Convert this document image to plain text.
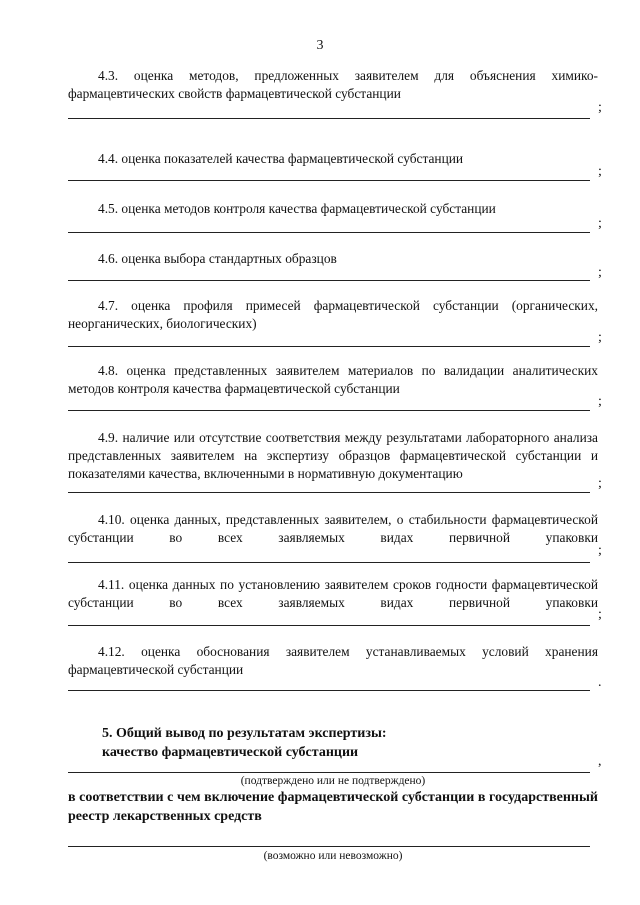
3
4.3. оценка методов, предложенных заявителем для объяснения химико-фармацевтических свойств фармацевтической субстанции
;
4.4. оценка показателей качества фармацевтической субстанции
;
4.5. оценка методов контроля качества фармацевтической субстанции
;
4.6. оценка выбора стандартных образцов
;
4.7. оценка профиля примесей фармацевтической субстанции (органических, неорганических, биологических)
;
4.8. оценка представленных заявителем материалов по валидации аналитических методов контроля качества фармацевтической субстанции
;
4.9. наличие или отсутствие соответствия между результатами лабораторного анализа представленных заявителем на экспертизу образцов фармацевтической субстанции и показателями качества, включенными в нормативную документацию
;
4.10. оценка данных, представленных заявителем, о стабильности фармацевтической субстанции во всех заявляемых видах первичной упаковки
;
4.11. оценка данных по установлению заявителем сроков годности фармацевтической субстанции во всех заявляемых видах первичной упаковки
;
4.12. оценка обоснования заявителем устанавливаемых условий хранения фармацевтической субстанции
.
5. Общий вывод по результатам экспертизы:
качество фармацевтической субстанции
,
(подтверждено или не подтверждено)
в соответствии с чем включение фармацевтической субстанции в государственный реестр лекарственных средств
(возможно или невозможно)
